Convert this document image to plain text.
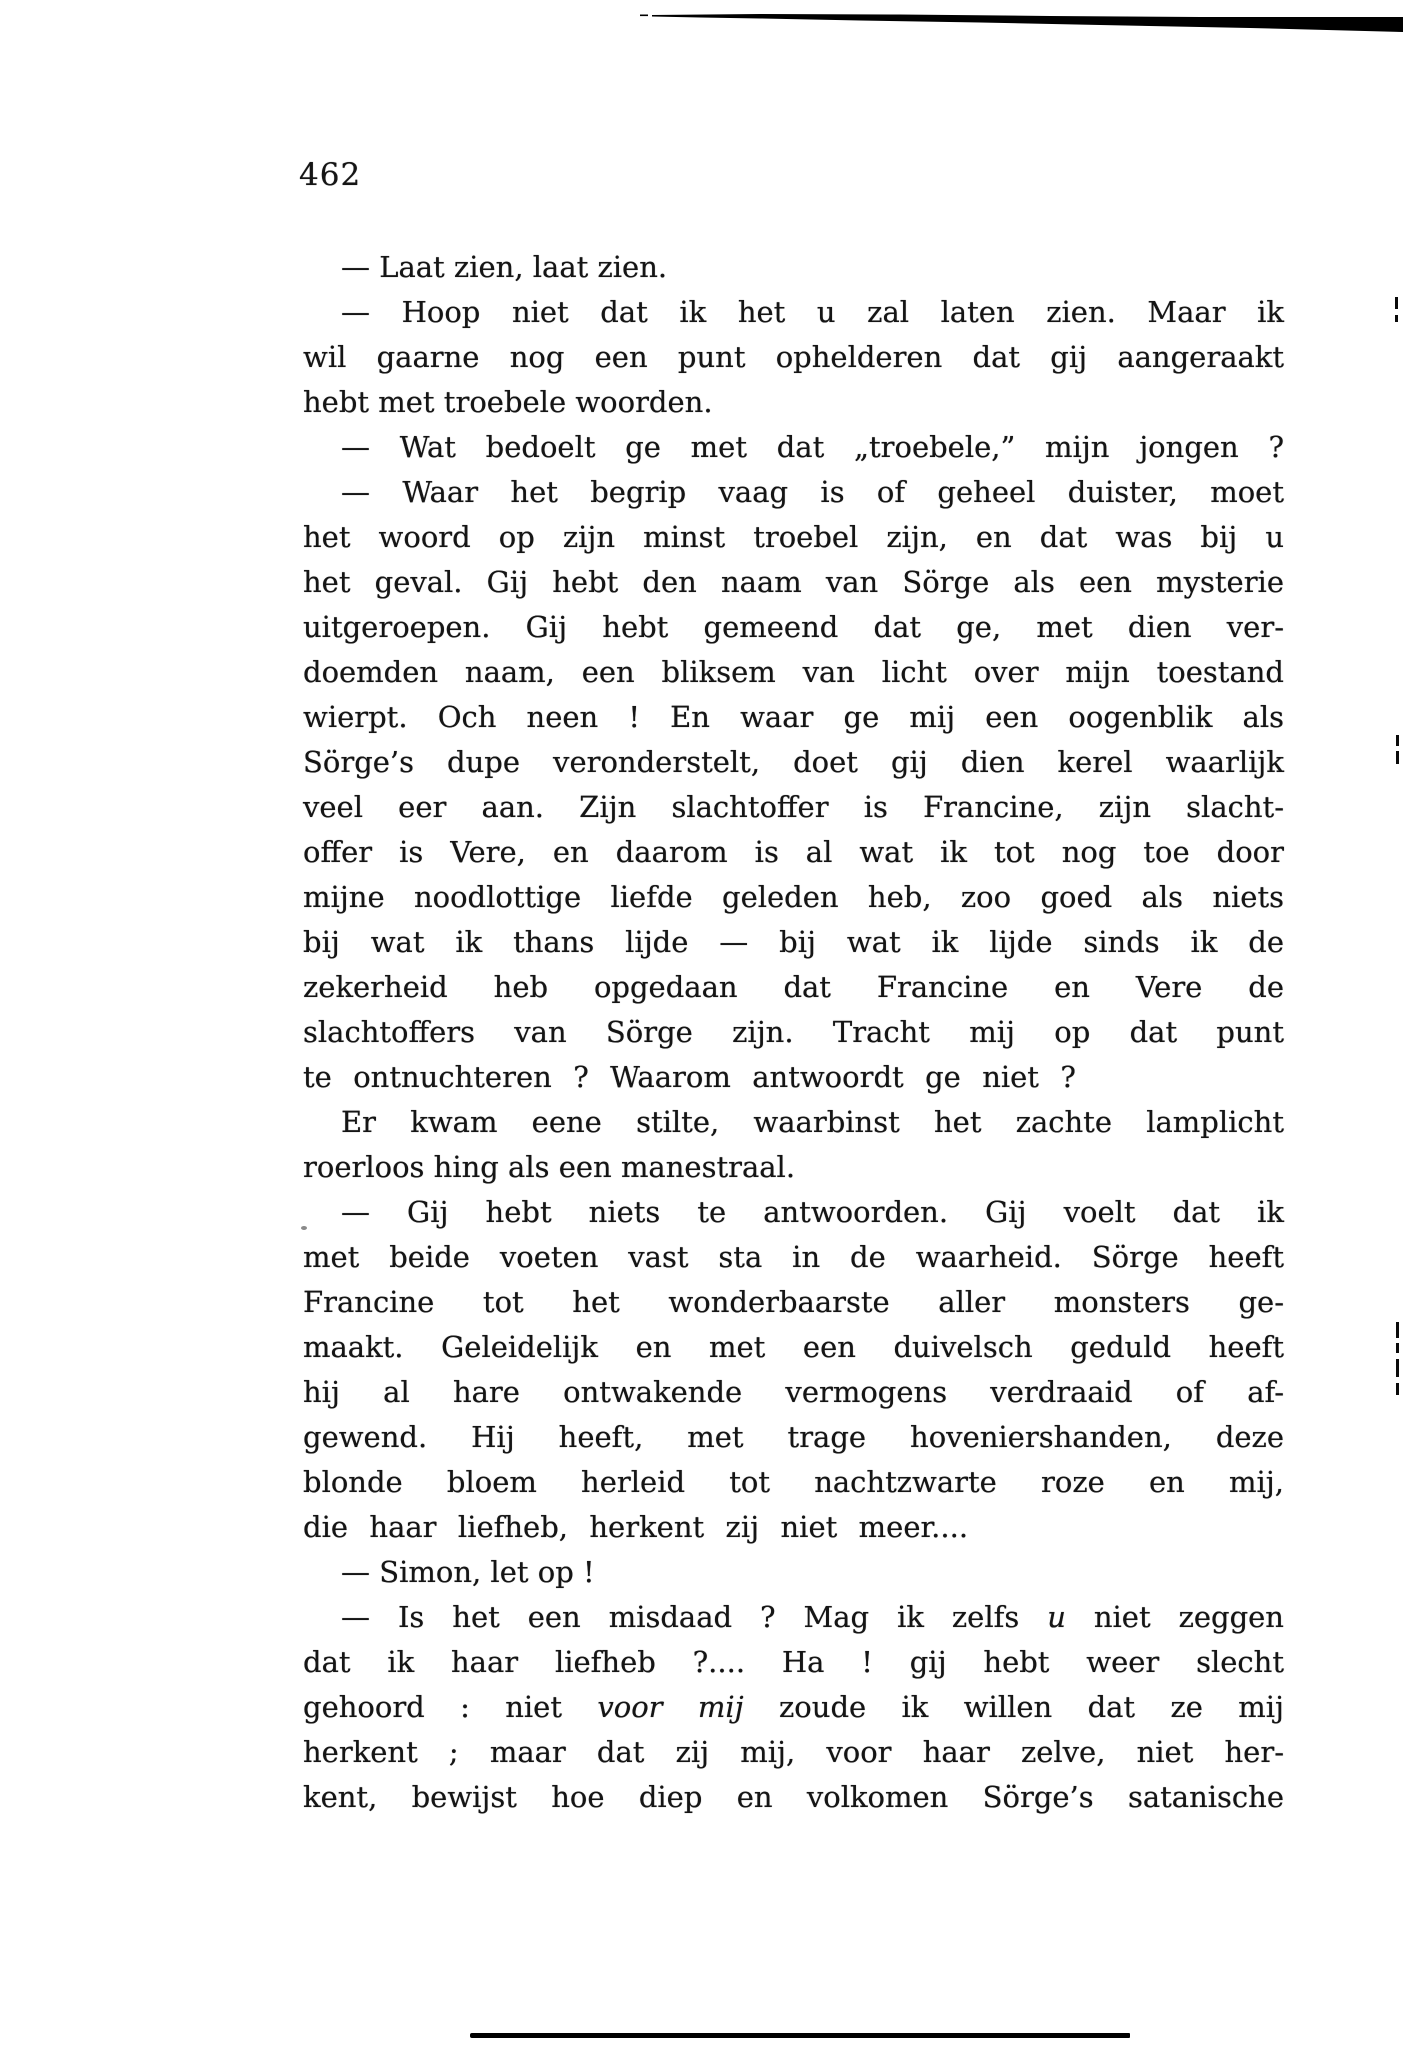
462
— Laat zien, laat zien.
— Hoop niet dat ik het u zal laten zien. Maar ik
wil gaarne nog een punt ophelderen dat gij aangeraakt
hebt met troebele woorden.
— Wat bedoelt ge met dat „troebele,” mijn jongen ?
— Waar het begrip vaag is of geheel duister, moet
het woord op zijn minst troebel zijn, en dat was bij u
het geval. Gij hebt den naam van Sörge als een mysterie
uitgeroepen. Gij hebt gemeend dat ge, met dien ver-
doemden naam, een bliksem van licht over mijn toestand
wierpt. Och neen ! En waar ge mij een oogenblik als
Sörge’s dupe veronderstelt, doet gij dien kerel waarlijk
veel eer aan. Zijn slachtoffer is Francine, zijn slacht-
offer is Vere, en daarom is al wat ik tot nog toe door
mijne noodlottige liefde geleden heb, zoo goed als niets
bij wat ik thans lijde — bij wat ik lijde sinds ik de
zekerheid heb opgedaan dat Francine en Vere de
slachtoffers van Sörge zijn. Tracht mij op dat punt
te ontnuchteren ? Waarom antwoordt ge niet ?
Er kwam eene stilte, waarbinst het zachte lamplicht
roerloos hing als een manestraal.
— Gij hebt niets te antwoorden. Gij voelt dat ik
met beide voeten vast sta in de waarheid. Sörge heeft
Francine tot het wonderbaarste aller monsters ge-
maakt. Geleidelijk en met een duivelsch geduld heeft
hij al hare ontwakende vermogens verdraaid of af-
gewend. Hij heeft, met trage hoveniershanden, deze
blonde bloem herleid tot nachtzwarte roze en mij,
die haar liefheb, herkent zij niet meer....
— Simon, let op !
— Is het een misdaad ? Mag ik zelfs u niet zeggen
dat ik haar liefheb ?.... Ha ! gij hebt weer slecht
gehoord : niet voor mij zoude ik willen dat ze mij
herkent ; maar dat zij mij, voor haar zelve, niet her-
kent, bewijst hoe diep en volkomen Sörge’s satanische
